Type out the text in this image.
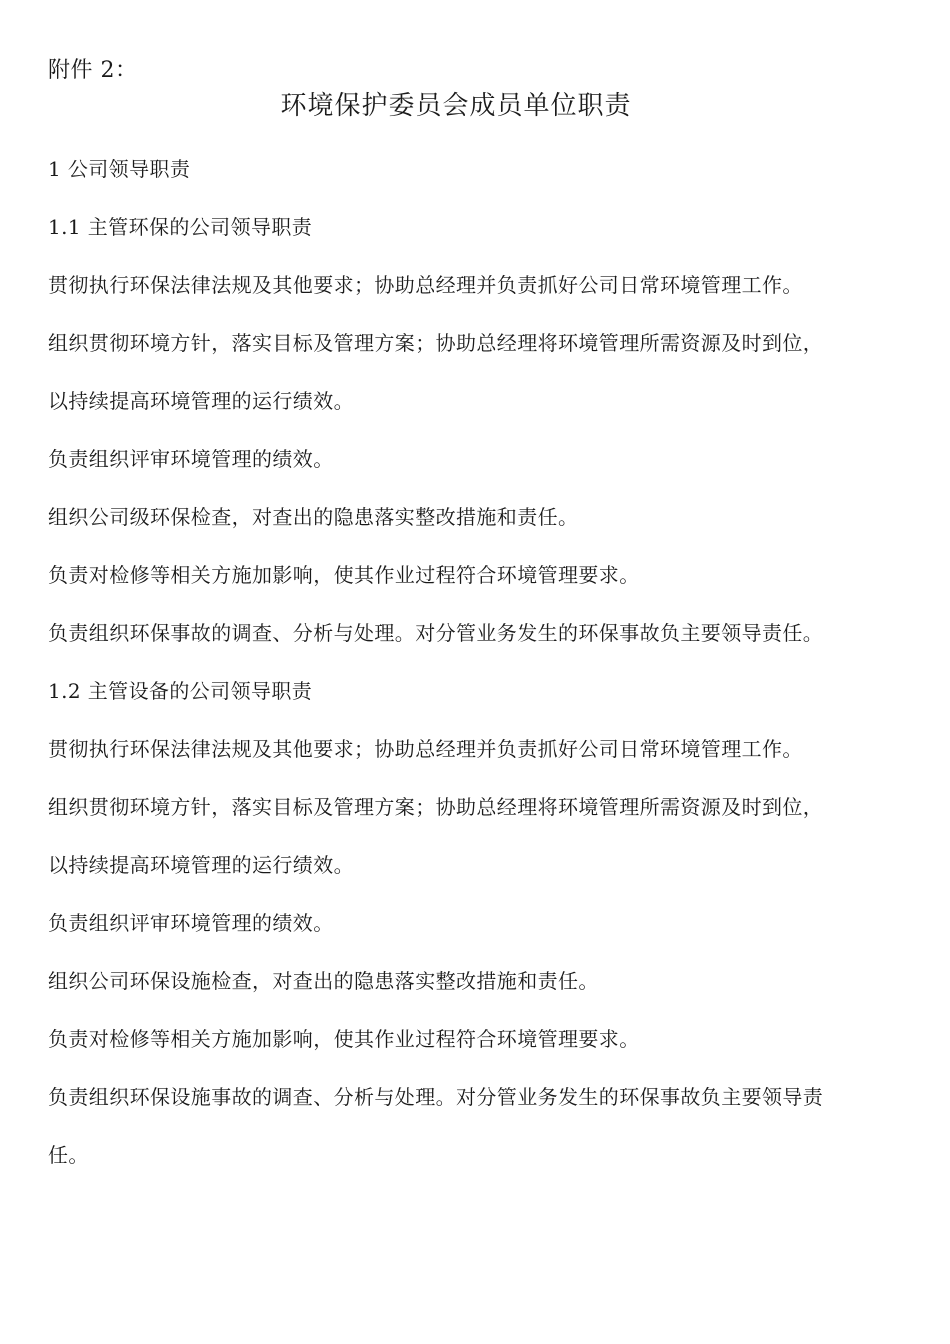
附件 2：
环境保护委员会成员单位职责
1 公司领导职责
1.1 主管环保的公司领导职责
贯彻执行环保法律法规及其他要求；协助总经理并负责抓好公司日常环境管理工作。
组织贯彻环境方针，落实目标及管理方案；协助总经理将环境管理所需资源及时到位，
以持续提高环境管理的运行绩效。
负责组织评审环境管理的绩效。
组织公司级环保检查，对查出的隐患落实整改措施和责任。
负责对检修等相关方施加影响，使其作业过程符合环境管理要求。
负责组织环保事故的调查、分析与处理。对分管业务发生的环保事故负主要领导责任。
1.2 主管设备的公司领导职责
贯彻执行环保法律法规及其他要求；协助总经理并负责抓好公司日常环境管理工作。
组织贯彻环境方针，落实目标及管理方案；协助总经理将环境管理所需资源及时到位，
以持续提高环境管理的运行绩效。
负责组织评审环境管理的绩效。
组织公司环保设施检查，对查出的隐患落实整改措施和责任。
负责对检修等相关方施加影响，使其作业过程符合环境管理要求。
负责组织环保设施事故的调查、分析与处理。对分管业务发生的环保事故负主要领导责
任。
